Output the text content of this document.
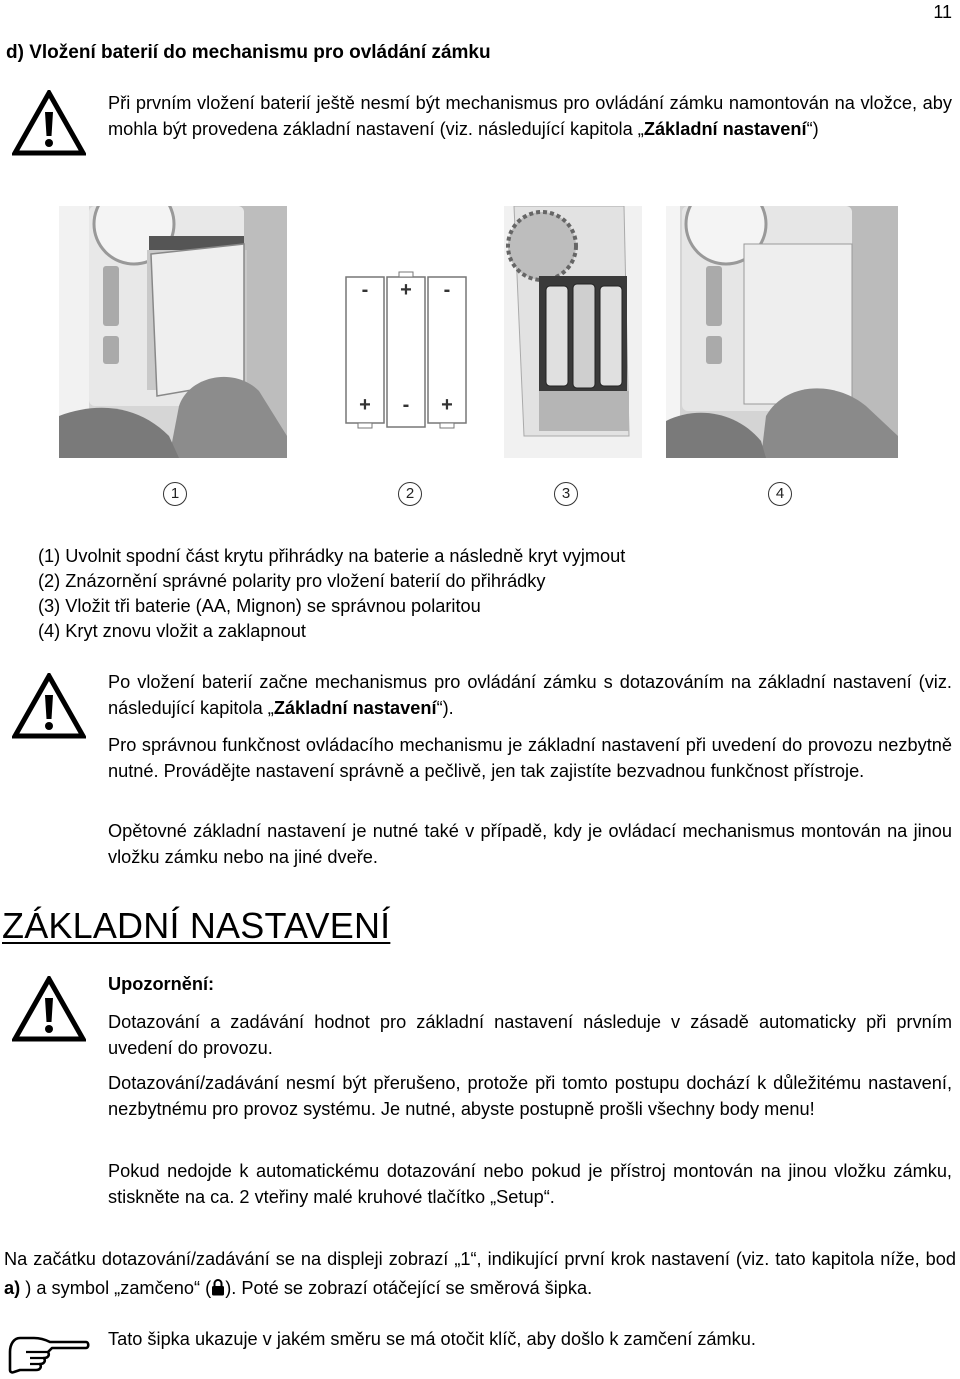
11
d) Vložení baterií do mechanismu pro ovládání zámku
Při prvním vložení baterií ještě nesmí být mechanismus pro ovládání zámku namontován na vložce, aby mohla být provedena základní nastavení (viz. následující kapitola „Základní nastavení“)
-	+	-
+	-	+
1	2	3	4
(1) Uvolnit spodní část krytu přihrádky na baterie a následně kryt vyjmout
(2) Znázornění správné polarity pro vložení baterií do přihrádky
(3) Vložit tři baterie (AA, Mignon) se správnou polaritou
(4) Kryt znovu vložit a zaklapnout
Po vložení baterií začne mechanismus pro ovládání zámku s dotazováním na základní nastavení (viz. následující kapitola „Základní nastavení“).
Pro správnou funkčnost ovládacího mechanismu je základní nastavení při uvedení do provozu nezbytně nutné. Provádějte nastavení správně a pečlivě, jen tak zajistíte bezvadnou funkčnost přístroje.
Opětovné základní nastavení je nutné také v případě, kdy je ovládací mechanismus montován na jinou vložku zámku nebo na jiné dveře.
ZÁKLADNÍ NASTAVENÍ
Upozornění:
Dotazování a zadávání hodnot pro základní nastavení následuje v zásadě automaticky při prvním uvedení do provozu.
Dotazování/zadávání nesmí být přerušeno, protože při tomto postupu dochází k důležitému nastavení, nezbytnému pro provoz systému. Je nutné, abyste postupně prošli všechny body menu!
Pokud nedojde k automatickému dotazování nebo pokud je přístroj montován na jinou vložku zámku, stiskněte na ca. 2 vteřiny malé kruhové tlačítko „Setup“.
Na začátku dotazování/zadávání se na displeji zobrazí „1“, indikující první krok nastavení (viz. tato kapitola níže, bod a) ) a symbol „zamčeno“ ( ). Poté se zobrazí otáčející se směrová šipka.
Tato šipka ukazuje v jakém směru se má otočit klíč, aby došlo k zamčení zámku.
